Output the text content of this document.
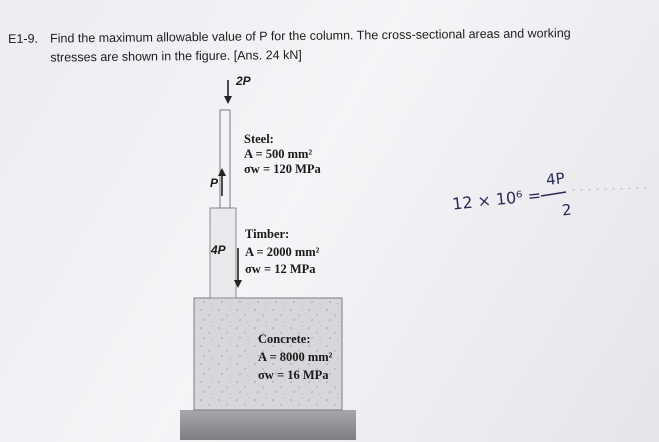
E1-9. Find the maximum allowable value of P for the column. The cross-sectional areas and working
stresses are shown in the figure. [Ans. 24 kN]
2P
P
4P
Steel:
A = 500 mm²
σw = 120 MPa
Timber:
A = 2000 mm²
σw = 12 MPa
Concrete:
A = 8000 mm²
σw = 16 MPa
12 × 10⁶ =
4P
2
